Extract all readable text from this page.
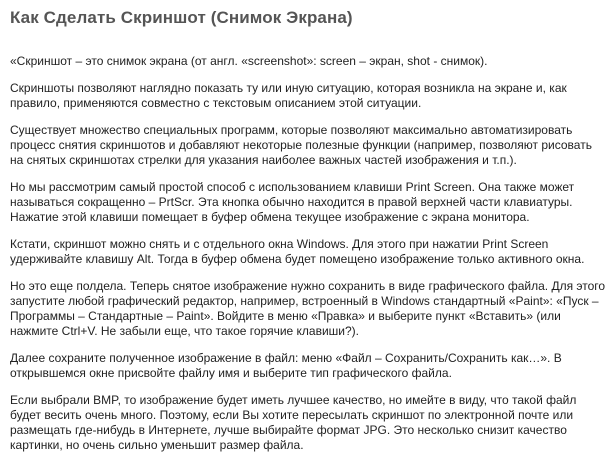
Как Сделать Скриншот (Снимок Экрана)

«Скриншот – это снимок экрана (от англ. «screenshot»: screen – экран, shot - снимок).

Скриншоты позволяют наглядно показать ту или иную ситуацию, которая возникла на экране и, как правило, применяются совместно с текстовым описанием этой ситуации.

Существует множество специальных программ, которые позволяют максимально автоматизировать процесс снятия скриншотов и добавляют некоторые полезные функции (например, позволяют рисовать на снятых скриншотах стрелки для указания наиболее важных частей изображения и т.п.).

Но мы рассмотрим самый простой способ с использованием клавиши Print Screen. Она также может называться сокращенно – PrtScr. Эта кнопка обычно находится в правой верхней части клавиатуры. Нажатие этой клавиши помещает в буфер обмена текущее изображение с экрана монитора.

Кстати, скриншот можно снять и с отдельного окна Windows. Для этого при нажатии Print Screen удерживайте клавишу Alt. Тогда в буфер обмена будет помещено изображение только активного окна.

Но это еще полдела. Теперь снятое изображение нужно сохранить в виде графического файла. Для этого запустите любой графический редактор, например, встроенный в Windows стандартный «Paint»: «Пуск – Программы – Стандартные – Paint». Войдите в меню «Правка» и выберите пункт «Вставить» (или нажмите Ctrl+V. Не забыли еще, что такое горячие клавиши?).

Далее сохраните полученное изображение в файл: меню «Файл – Сохранить/Сохранить как…». В открывшемся окне присвойте файлу имя и выберите тип графического файла.

Если выбрали BMP, то изображение будет иметь лучшее качество, но имейте в виду, что такой файл будет весить очень много. Поэтому, если Вы хотите пересылать скриншот по электронной почте или размещать где-нибудь в Интернете, лучше выбирайте формат JPG. Это несколько снизит качество картинки, но очень сильно уменьшит размер файла.
